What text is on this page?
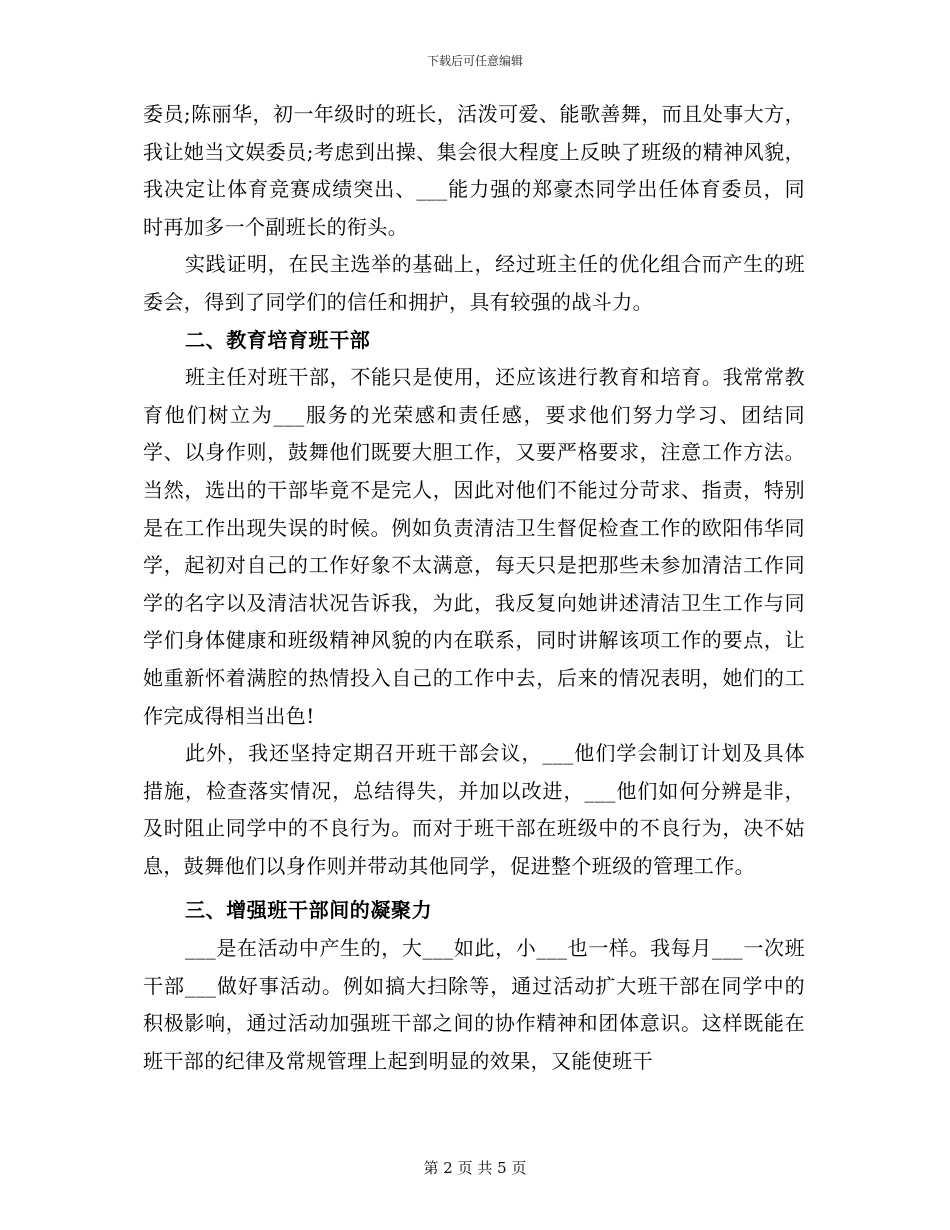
下载后可任意编辑

委员;陈丽华，初一年级时的班长，活泼可爱、能歌善舞，而且处事大方，我让她当文娱委员;考虑到出操、集会很大程度上反映了班级的精神风貌，我决定让体育竞赛成绩突出、___能力强的郑豪杰同学出任体育委员，同时再加多一个副班长的衔头。

实践证明，在民主选举的基础上，经过班主任的优化组合而产生的班委会，得到了同学们的信任和拥护，具有较强的战斗力。

二、教育培育班干部

班主任对班干部，不能只是使用，还应该进行教育和培育。我常常教育他们树立为___服务的光荣感和责任感，要求他们努力学习、团结同学、以身作则，鼓舞他们既要大胆工作，又要严格要求，注意工作方法。当然，选出的干部毕竟不是完人，因此对他们不能过分苛求、指责，特别是在工作出现失误的时候。例如负责清洁卫生督促检查工作的欧阳伟华同学，起初对自己的工作好象不太满意，每天只是把那些未参加清洁工作同学的名字以及清洁状况告诉我，为此，我反复向她讲述清洁卫生工作与同学们身体健康和班级精神风貌的内在联系，同时讲解该项工作的要点，让她重新怀着满腔的热情投入自己的工作中去，后来的情况表明，她们的工作完成得相当出色!

此外，我还坚持定期召开班干部会议，___他们学会制订计划及具体措施，检查落实情况，总结得失，并加以改进，___他们如何分辨是非，及时阻止同学中的不良行为。而对于班干部在班级中的不良行为，决不姑息，鼓舞他们以身作则并带动其他同学，促进整个班级的管理工作。

三、增强班干部间的凝聚力

___是在活动中产生的，大___如此，小___也一样。我每月___一次班干部___做好事活动。例如搞大扫除等，通过活动扩大班干部在同学中的积极影响，通过活动加强班干部之间的协作精神和团体意识。这样既能在班干部的纪律及常规管理上起到明显的效果，又能使班干

第 2 页 共 5 页
